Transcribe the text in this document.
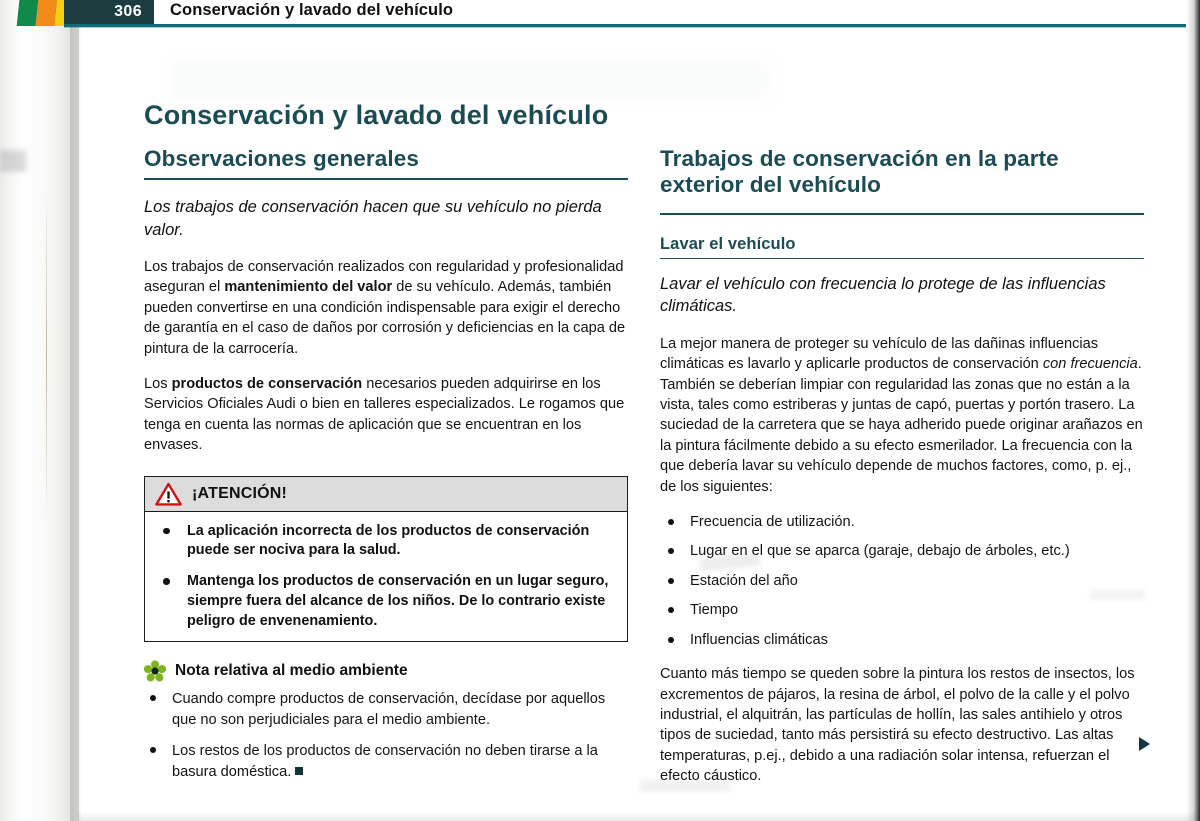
306 Conservación y lavado del vehículo
Conservación y lavado del vehículo
Observaciones generales

Los trabajos de conservación hacen que su vehículo no pierda valor.

Los trabajos de conservación realizados con regularidad y profesionalidad aseguran el mantenimiento del valor de su vehículo. Además, también pueden convertirse en una condición indispensable para exigir el derecho de garantía en el caso de daños por corrosión y deficiencias en la capa de pintura de la carrocería.

Los productos de conservación necesarios pueden adquirirse en los Servicios Oficiales Audi o bien en talleres especializados. Le rogamos que tenga en cuenta las normas de aplicación que se encuentran en los envases.

¡ATENCIÓN!
La aplicación incorrecta de los productos de conservación puede ser nociva para la salud.
Mantenga los productos de conservación en un lugar seguro, siempre fuera del alcance de los niños. De lo contrario existe peligro de envenenamiento.
Nota relativa al medio ambiente
Cuando compre productos de conservación, decídase por aquellos que no son perjudiciales para el medio ambiente.
Los restos de los productos de conservación no deben tirarse a la basura doméstica.
Trabajos de conservación en la parte exterior del vehículo
Lavar el vehículo

Lavar el vehículo con frecuencia lo protege de las influencias climáticas.

La mejor manera de proteger su vehículo de las dañinas influencias climáticas es lavarlo y aplicarle productos de conservación con frecuencia. También se deberían limpiar con regularidad las zonas que no están a la vista, tales como estriberas y juntas de capó, puertas y portón trasero. La suciedad de la carretera que se haya adherido puede originar arañazos en la pintura fácilmente debido a su efecto esmerilador. La frecuencia con la que debería lavar su vehículo depende de muchos factores, como, p. ej., de los siguientes:

Frecuencia de utilización.
Lugar en el que se aparca (garaje, debajo de árboles, etc.)
Estación del año
Tiempo
Influencias climáticas

Cuanto más tiempo se queden sobre la pintura los restos de insectos, los excrementos de pájaros, la resina de árbol, el polvo de la calle y el polvo industrial, el alquitrán, las partículas de hollín, las sales antihielo y otros tipos de suciedad, tanto más persistirá su efecto destructivo. Las altas temperaturas, p.ej., debido a una radiación solar intensa, refuerzan el efecto cáustico.
